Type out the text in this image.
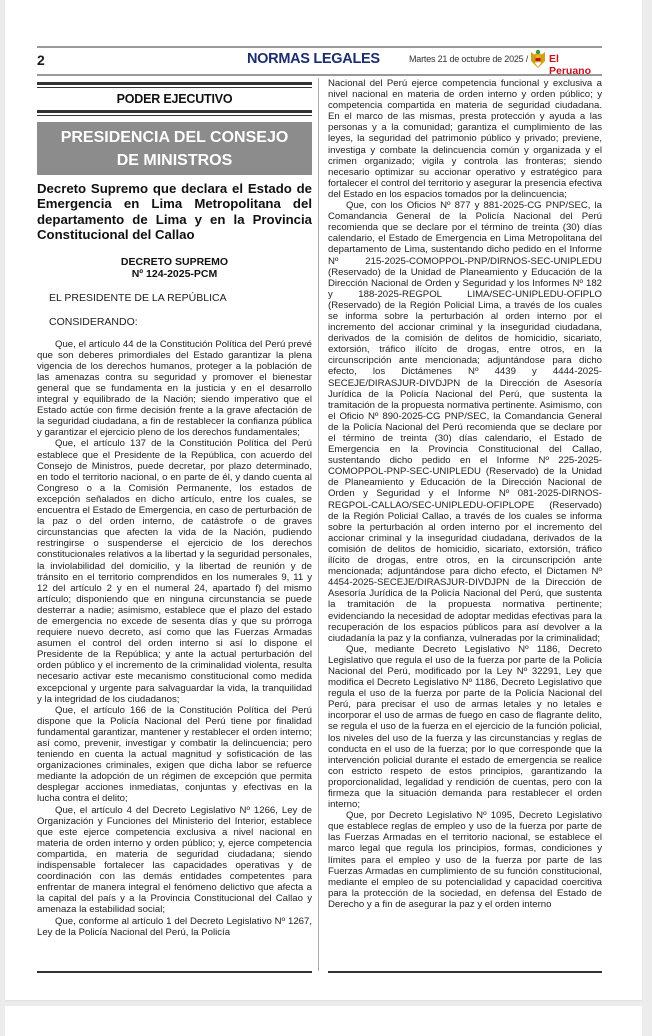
2	NORMAS LEGALES	Martes 21 de octubre de 2025 / El Peruano
PODER EJECUTIVO
PRESIDENCIA DEL CONSEJO
DE MINISTROS
Decreto Supremo que declara el Estado de Emergencia en Lima Metropolitana del departamento de Lima y en la Provincia Constitucional del Callao
DECRETO SUPREMO
Nº 124-2025-PCM
EL PRESIDENTE DE LA REPÚBLICA
CONSIDERANDO:

Que, el artículo 44 de la Constitución Política del Perú prevé que son deberes primordiales del Estado garantizar la plena vigencia de los derechos humanos, proteger a la población de las amenazas contra su seguridad y promover el bienestar general que se fundamenta en la justicia y en el desarrollo integral y equilibrado de la Nación; siendo imperativo que el Estado actúe con firme decisión frente a la grave afectación de la seguridad ciudadana, a fin de restablecer la confianza pública y garantizar el ejercicio pleno de los derechos fundamentales;

Que, el artículo 137 de la Constitución Política del Perú establece que el Presidente de la República, con acuerdo del Consejo de Ministros, puede decretar, por plazo determinado, en todo el territorio nacional, o en parte de él, y dando cuenta al Congreso o a la Comisión Permanente, los estados de excepción señalados en dicho artículo, entre los cuales, se encuentra el Estado de Emergencia, en caso de perturbación de la paz o del orden interno, de catástrofe o de graves circunstancias que afecten la vida de la Nación, pudiendo restringirse o suspenderse el ejercicio de los derechos constitucionales relativos a la libertad y la seguridad personales, la inviolabilidad del domicilio, y la libertad de reunión y de tránsito en el territorio comprendidos en los numerales 9, 11 y 12 del artículo 2 y en el numeral 24, apartado f) del mismo artículo; disponiendo que en ninguna circunstancia se puede desterrar a nadie; asimismo, establece que el plazo del estado de emergencia no excede de sesenta días y que su prórroga requiere nuevo decreto, así como que las Fuerzas Armadas asumen el control del orden interno si así lo dispone el Presidente de la República; y ante la actual perturbación del orden público y el incremento de la criminalidad violenta, resulta necesario activar este mecanismo constitucional como medida excepcional y urgente para salvaguardar la vida, la tranquilidad y la integridad de los ciudadanos;

Que, el artículo 166 de la Constitución Política del Perú dispone que la Policía Nacional del Perú tiene por finalidad fundamental garantizar, mantener y restablecer el orden interno; así como, prevenir, investigar y combatir la delincuencia; pero teniendo en cuenta la actual magnitud y sofisticación de las organizaciones criminales, exigen que dicha labor se refuerce mediante la adopción de un régimen de excepción que permita desplegar acciones inmediatas, conjuntas y efectivas en la lucha contra el delito;

Que, el artículo 4 del Decreto Legislativo Nº 1266, Ley de Organización y Funciones del Ministerio del Interior, establece que este ejerce competencia exclusiva a nivel nacional en materia de orden interno y orden público; y, ejerce competencia compartida, en materia de seguridad ciudadana; siendo indispensable fortalecer las capacidades operativas y de coordinación con las demás entidades competentes para enfrentar de manera integral el fenómeno delictivo que afecta a la capital del país y a la Provincia Constitucional del Callao y amenaza la estabilidad social;

Que, conforme al artículo 1 del Decreto Legislativo Nº 1267, Ley de la Policía Nacional del Perú, la Policía

Nacional del Perú ejerce competencia funcional y exclusiva a nivel nacional en materia de orden interno y orden público; y competencia compartida en materia de seguridad ciudadana. En el marco de las mismas, presta protección y ayuda a las personas y a la comunidad; garantiza el cumplimiento de las leyes, la seguridad del patrimonio público y privado; previene, investiga y combate la delincuencia común y organizada y el crimen organizado; vigila y controla las fronteras; siendo necesario optimizar su accionar operativo y estratégico para fortalecer el control del territorio y asegurar la presencia efectiva del Estado en los espacios tomados por la delincuencia;

Que, con los Oficios Nº 877 y 881-2025-CG PNP/SEC, la Comandancia General de la Policía Nacional del Perú recomienda que se declare por el término de treinta (30) días calendario, el Estado de Emergencia en Lima Metropolitana del departamento de Lima, sustentando dicho pedido en el Informe Nº 215-2025-COMOPPOL-PNP/DIRNOS-SEC-UNIPLEDU (Reservado) de la Unidad de Planeamiento y Educación de la Dirección Nacional de Orden y Seguridad y los Informes Nº 182 y 188-2025-REGPOL LIMA/SEC-UNIPLEDU-OFIPLO (Reservado) de la Región Policial Lima, a través de los cuales se informa sobre la perturbación al orden interno por el incremento del accionar criminal y la inseguridad ciudadana, derivados de la comisión de delitos de homicidio, sicariato, extorsión, tráfico ilícito de drogas, entre otros, en la circunscripción ante mencionada; adjuntándose para dicho efecto, los Dictámenes Nº 4439 y 4444-2025-SECEJE/DIRASJUR-DIVDJPN de la Dirección de Asesoría Jurídica de la Policía Nacional del Perú, que sustenta la tramitación de la propuesta normativa pertinente. Asimismo, con el Oficio Nº 890-2025-CG PNP/SEC, la Comandancia General de la Policía Nacional del Perú recomienda que se declare por el término de treinta (30) días calendario, el Estado de Emergencia en la Provincia Constitucional del Callao, sustentando dicho pedido en el Informe Nº 225-2025-COMOPPOL-PNP-SEC-UNIPLEDU (Reservado) de la Unidad de Planeamiento y Educación de la Dirección Nacional de Orden y Seguridad y el Informe Nº 081-2025-DIRNOS-REGPOL-CALLAO/SEC-UNIPLEDU-OFIPLOPE (Reservado) de la Región Policial Callao, a través de los cuales se informa sobre la perturbación al orden interno por el incremento del accionar criminal y la inseguridad ciudadana, derivados de la comisión de delitos de homicidio, sicariato, extorsión, tráfico ilícito de drogas, entre otros, en la circunscripción ante mencionada; adjuntándose para dicho efecto, el Dictamen Nº 4454-2025-SECEJE/DIRASJUR-DIVDJPN de la Dirección de Asesoría Jurídica de la Policía Nacional del Perú, que sustenta la tramitación de la propuesta normativa pertinente; evidenciando la necesidad de adoptar medidas efectivas para la recuperación de los espacios públicos para así devolver a la ciudadanía la paz y la confianza, vulneradas por la criminalidad;

Que, mediante Decreto Legislativo Nº 1186, Decreto Legislativo que regula el uso de la fuerza por parte de la Policía Nacional del Perú, modificado por la Ley Nº 32291, Ley que modifica el Decreto Legislativo Nº 1186, Decreto Legislativo que regula el uso de la fuerza por parte de la Policía Nacional del Perú, para precisar el uso de armas letales y no letales e incorporar el uso de armas de fuego en caso de flagrante delito, se regula el uso de la fuerza en el ejercicio de la función policial, los niveles del uso de la fuerza y las circunstancias y reglas de conducta en el uso de la fuerza; por lo que corresponde que la intervención policial durante el estado de emergencia se realice con estricto respeto de estos principios, garantizando la proporcionalidad, legalidad y rendición de cuentas, pero con la firmeza que la situación demanda para restablecer el orden interno;

Que, por Decreto Legislativo Nº 1095, Decreto Legislativo que establece reglas de empleo y uso de la fuerza por parte de las Fuerzas Armadas en el territorio nacional, se establece el marco legal que regula los principios, formas, condiciones y límites para el empleo y uso de la fuerza por parte de las Fuerzas Armadas en cumplimiento de su función constitucional, mediante el empleo de su potencialidad y capacidad coercitiva para la protección de la sociedad, en defensa del Estado de Derecho y a fin de asegurar la paz y el orden interno
